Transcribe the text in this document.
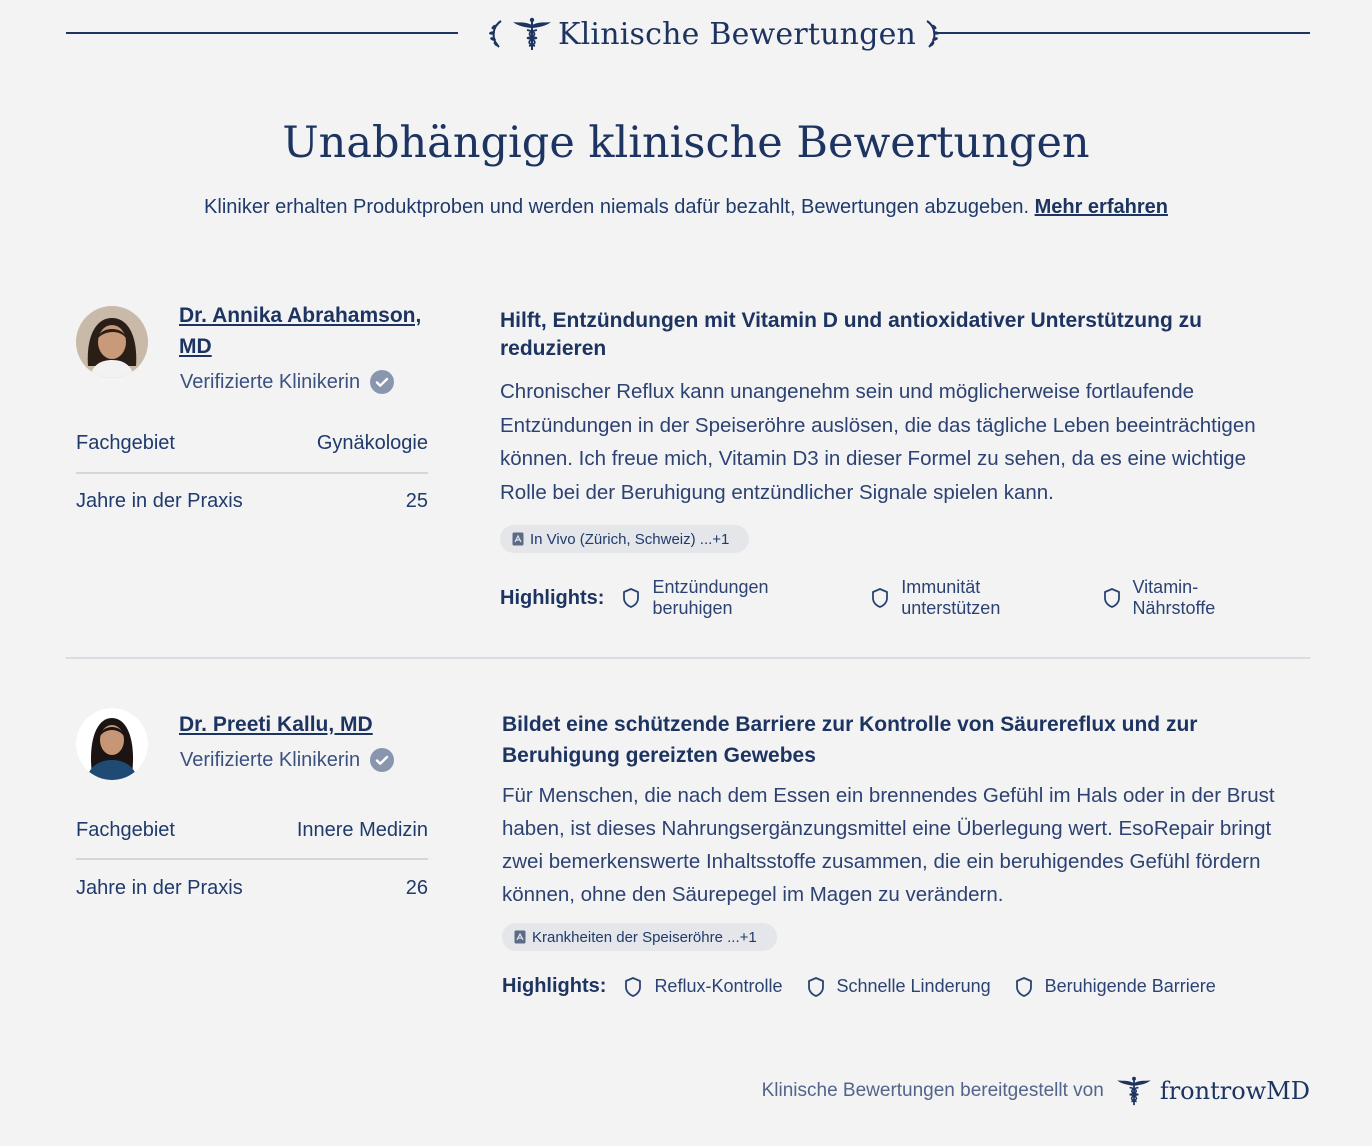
Klinische Bewertungen
Unabhängige klinische Bewertungen

Kliniker erhalten Produktproben und werden niemals dafür bezahlt, Bewertungen abzugeben. Mehr erfahren

Dr. Annika Abrahamson, MD
Verifizierte Klinikerin
Fachgebiet	Gynäkologie
Jahre in der Praxis	25
Hilft, Entzündungen mit Vitamin D und antioxidativer Unterstützung zu reduzieren

Chronischer Reflux kann unangenehm sein und möglicherweise fortlaufende Entzündungen in der Speiseröhre auslösen, die das tägliche Leben beeinträchtigen können. Ich freue mich, Vitamin D3 in dieser Formel zu sehen, da es eine wichtige Rolle bei der Beruhigung entzündlicher Signale spielen kann.

In Vivo (Zürich, Schweiz) ...+1
Highlights:	Entzündungen beruhigen
Immunität unterstützen
Vitamin-Nährstoffe
Dr. Preeti Kallu, MD
Verifizierte Klinikerin
Fachgebiet	Innere Medizin
Jahre in der Praxis	26
Bildet eine schützende Barriere zur Kontrolle von Säurereflux und zur Beruhigung gereizten Gewebes

Für Menschen, die nach dem Essen ein brennendes Gefühl im Hals oder in der Brust haben, ist dieses Nahrungsergänzungsmittel eine Überlegung wert. EsoRepair bringt zwei bemerkenswerte Inhaltsstoffe zusammen, die ein beruhigendes Gefühl fördern können, ohne den Säurepegel im Magen zu verändern.

Krankheiten der Speiseröhre ...+1
Highlights:	Reflux-Kontrolle	Schnelle Linderung	Beruhigende Barriere
Klinische Bewertungen bereitgestellt von frontrowMD
